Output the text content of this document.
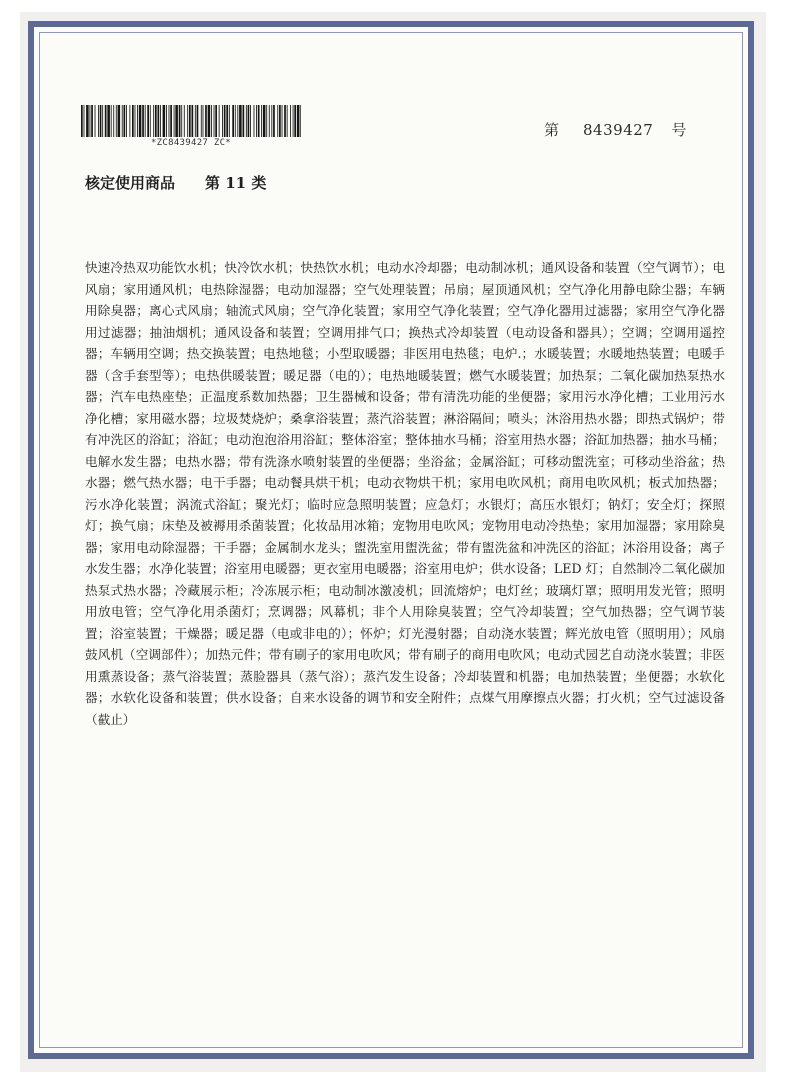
*ZC8439427 ZC*
第 8439427 号
核定使用商品 第 11 类

快速冷热双功能饮水机；快冷饮水机；快热饮水机；电动水冷却器；电动制冰机；通风设备和装置（空气调节）；电风扇；家用通风机；电热除湿器；电动加湿器；空气处理装置；吊扇；屋顶通风机；空气净化用静电除尘器；车辆用除臭器；离心式风扇；轴流式风扇；空气净化装置；家用空气净化装置；空气净化器用过滤器；家用空气净化器用过滤器；抽油烟机；通风设备和装置；空调用排气口；换热式冷却装置（电动设备和器具）；空调；空调用遥控器；车辆用空调；热交换装置；电热地毯；小型取暖器；非医用电热毯；电炉.；水暖装置；水暖地热装置；电暖手器（含手套型等）；电热供暖装置；暖足器（电的）；电热地暖装置；燃气水暖装置；加热泵；二氧化碳加热泵热水器；汽车电热座垫；正温度系数加热器；卫生器械和设备；带有清洗功能的坐便器；家用污水净化槽；工业用污水净化槽；家用磁水器；垃圾焚烧炉；桑拿浴装置；蒸汽浴装置；淋浴隔间；喷头；沐浴用热水器；即热式锅炉；带有冲洗区的浴缸；浴缸；电动泡泡浴用浴缸；整体浴室；整体抽水马桶；浴室用热水器；浴缸加热器；抽水马桶；电解水发生器；电热水器；带有洗涤水喷射装置的坐便器；坐浴盆；金属浴缸；可移动盥洗室；可移动坐浴盆；热水器；燃气热水器；电干手器；电动餐具烘干机；电动衣物烘干机；家用电吹风机；商用电吹风机；板式加热器；污水净化装置；涡流式浴缸；聚光灯；临时应急照明装置；应急灯；水银灯；高压水银灯；钠灯；安全灯；探照灯；换气扇；床垫及被褥用杀菌装置；化妆品用冰箱；宠物用电吹风；宠物用电动冷热垫；家用加湿器；家用除臭器；家用电动除湿器；干手器；金属制水龙头；盥洗室用盥洗盆；带有盥洗盆和冲洗区的浴缸；沐浴用设备；离子水发生器；水净化装置；浴室用电暖器；更衣室用电暖器；浴室用电炉；供水设备；LED 灯；自然制冷二氧化碳加热泵式热水器；冷藏展示柜；冷冻展示柜；电动制冰激凌机；回流熔炉；电灯丝；玻璃灯罩；照明用发光管；照明用放电管；空气净化用杀菌灯；烹调器；风幕机；非个人用除臭装置；空气冷却装置；空气加热器；空气调节装置；浴室装置；干燥器；暖足器（电或非电的）；怀炉；灯光漫射器；自动浇水装置；辉光放电管（照明用）；风扇鼓风机（空调部件）；加热元件；带有刷子的家用电吹风；带有刷子的商用电吹风；电动式园艺自动浇水装置；非医用熏蒸设备；蒸气浴装置；蒸脸器具（蒸气浴）；蒸汽发生设备；冷却装置和机器；电加热装置；坐便器；水软化器；水软化设备和装置；供水设备；自来水设备的调节和安全附件；点煤气用摩擦点火器；打火机；空气过滤设备（截止）
